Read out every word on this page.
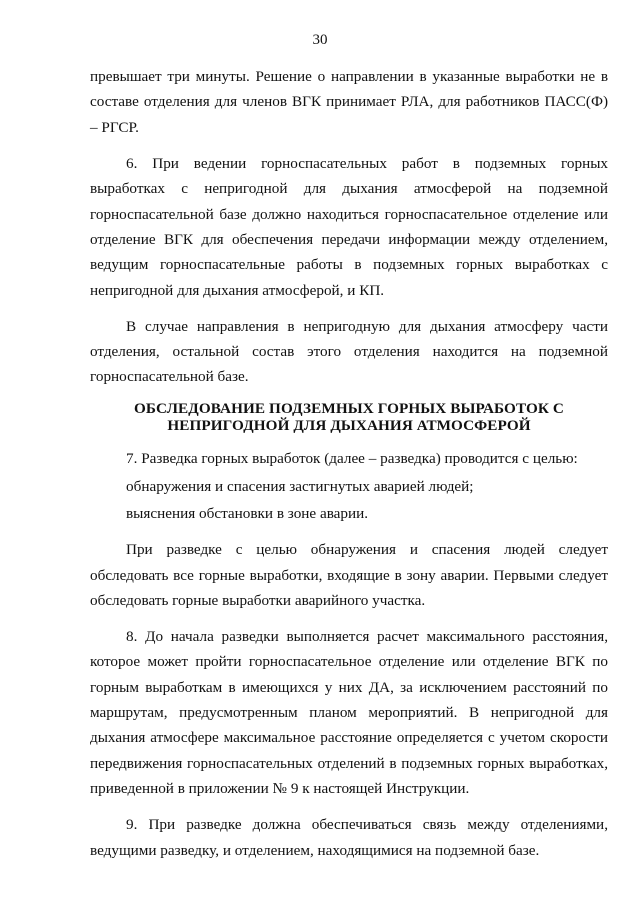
30

превышает три минуты. Решение о направлении в указанные выработки не в составе отделения для членов ВГК принимает РЛА, для работников ПАСС(Ф) – РГСР.

6. При ведении горноспасательных работ в подземных горных выработках с непригодной для дыхания атмосферой на подземной горноспасательной базе должно находиться горноспасательное отделение или отделение ВГК для обеспечения передачи информации между отделением, ведущим горноспасательные работы в подземных горных выработках с непригодной для дыхания атмосферой, и КП.

В случае направления в непригодную для дыхания атмосферу части отделения, остальной состав этого отделения находится на подземной горноспасательной базе.

ОБСЛЕДОВАНИЕ ПОДЗЕМНЫХ ГОРНЫХ ВЫРАБОТОК С НЕПРИГОДНОЙ ДЛЯ ДЫХАНИЯ АТМОСФЕРОЙ

7. Разведка горных выработок (далее – разведка) проводится с целью:

обнаружения и спасения застигнутых аварией людей;

выяснения обстановки в зоне аварии.

При разведке с целью обнаружения и спасения людей следует обследовать все горные выработки, входящие в зону аварии. Первыми следует обследовать горные выработки аварийного участка.

8. До начала разведки выполняется расчет максимального расстояния, которое может пройти горноспасательное отделение или отделение ВГК по горным выработкам в имеющихся у них ДА, за исключением расстояний по маршрутам, предусмотренным планом мероприятий. В непригодной для дыхания атмосфере максимальное расстояние определяется с учетом скорости передвижения горноспасательных отделений в подземных горных выработках, приведенной в приложении № 9 к настоящей Инструкции.

9. При разведке должна обеспечиваться связь между отделениями, ведущими разведку, и отделением, находящимися на подземной базе.
